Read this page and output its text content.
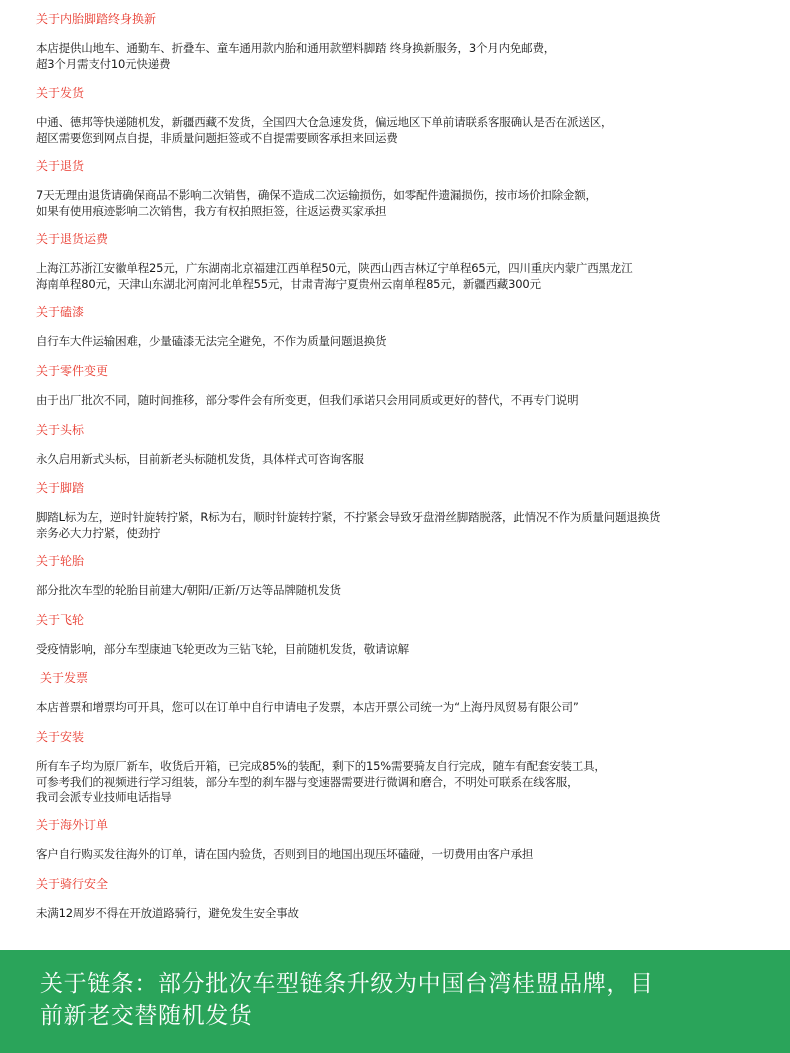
关于内胎脚踏终身换新
本店提供山地车、通勤车、折叠车、童车通用款内胎和通用款塑料脚踏 终身换新服务，3个月内免邮费，
超3个月需支付10元快递费
关于发货
中通、德邦等快递随机发，新疆西藏不发货，全国四大仓急速发货，偏远地区下单前请联系客服确认是否在派送区，
超区需要您到网点自提，非质量问题拒签或不自提需要顾客承担来回运费
关于退货
7天无理由退货请确保商品不影响二次销售，确保不造成二次运输损伤，如零配件遗漏损伤，按市场价扣除金额，
如果有使用痕迹影响二次销售，我方有权拍照拒签，往返运费买家承担
关于退货运费
上海江苏浙江安徽单程25元，广东湖南北京福建江西单程50元，陕西山西吉林辽宁单程65元，四川重庆内蒙广西黑龙江
海南单程80元，天津山东湖北河南河北单程55元，甘肃青海宁夏贵州云南单程85元，新疆西藏300元
关于磕漆
自行车大件运输困难，少量磕漆无法完全避免，不作为质量问题退换货
关于零件变更
由于出厂批次不同，随时间推移，部分零件会有所变更，但我们承诺只会用同质或更好的替代，不再专门说明
关于头标
永久启用新式头标，目前新老头标随机发货，具体样式可咨询客服
关于脚踏
脚踏L标为左，逆时针旋转拧紧，R标为右，顺时针旋转拧紧，不拧紧会导致牙盘滑丝脚踏脱落，此情况不作为质量问题退换货
亲务必大力拧紧，使劲拧
关于轮胎
部分批次车型的轮胎目前建大/朝阳/正新/万达等品牌随机发货
关于飞轮
受疫情影响，部分车型康迪飞轮更改为三钻飞轮，目前随机发货，敬请谅解
关于发票
本店普票和增票均可开具，您可以在订单中自行申请电子发票，本店开票公司统一为“上海丹凤贸易有限公司”
关于安装
所有车子均为原厂新车，收货后开箱，已完成85%的装配，剩下的15%需要骑友自行完成，随车有配套安装工具，
可参考我们的视频进行学习组装，部分车型的刹车器与变速器需要进行微调和磨合，不明处可联系在线客服，
我司会派专业技师电话指导
关于海外订单
客户自行购买发往海外的订单，请在国内验货，否则到目的地国出现压坏磕碰，一切费用由客户承担
关于骑行安全
未满12周岁不得在开放道路骑行，避免发生安全事故
关于链条：部分批次车型链条升级为中国台湾桂盟品牌，目
前新老交替随机发货
